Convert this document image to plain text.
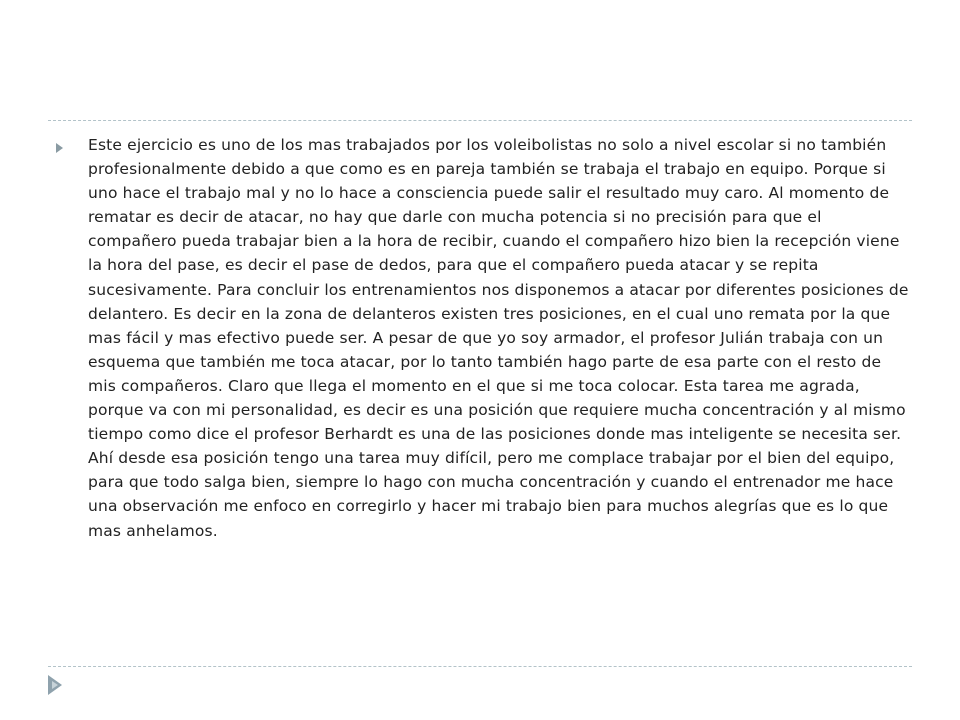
Este ejercicio es uno de los mas trabajados por los voleibolistas no solo a nivel escolar si no también profesionalmente debido a que como es en pareja también se trabaja el trabajo en equipo. Porque si uno hace el trabajo mal y no lo hace a consciencia puede salir el resultado muy caro. Al momento de rematar es decir de atacar, no hay que darle con mucha potencia si no precisión para que el compañero pueda trabajar bien a la hora de recibir, cuando el compañero hizo bien la recepción viene la hora del pase, es decir el pase de dedos, para que el compañero pueda atacar y se repita sucesivamente. Para concluir los entrenamientos nos disponemos a atacar por diferentes posiciones de delantero. Es decir en la zona de delanteros existen tres posiciones, en el cual uno remata por la que mas fácil y mas efectivo puede ser. A pesar de que yo soy armador, el profesor Julián trabaja con un esquema que también me toca atacar, por lo tanto también hago parte de esa parte con el resto de mis compañeros. Claro que llega el momento en el que si me toca colocar. Esta tarea me agrada, porque va con mi personalidad, es decir es una posición que requiere mucha concentración y al mismo tiempo como dice el profesor Berhardt es una de las posiciones donde mas inteligente se necesita ser. Ahí desde esa posición tengo una tarea muy difícil, pero me complace trabajar por el bien del equipo, para que todo salga bien, siempre lo hago con mucha concentración y cuando el entrenador me hace una observación me enfoco en corregirlo y hacer mi trabajo bien para muchos alegrías que es lo que mas anhelamos.
